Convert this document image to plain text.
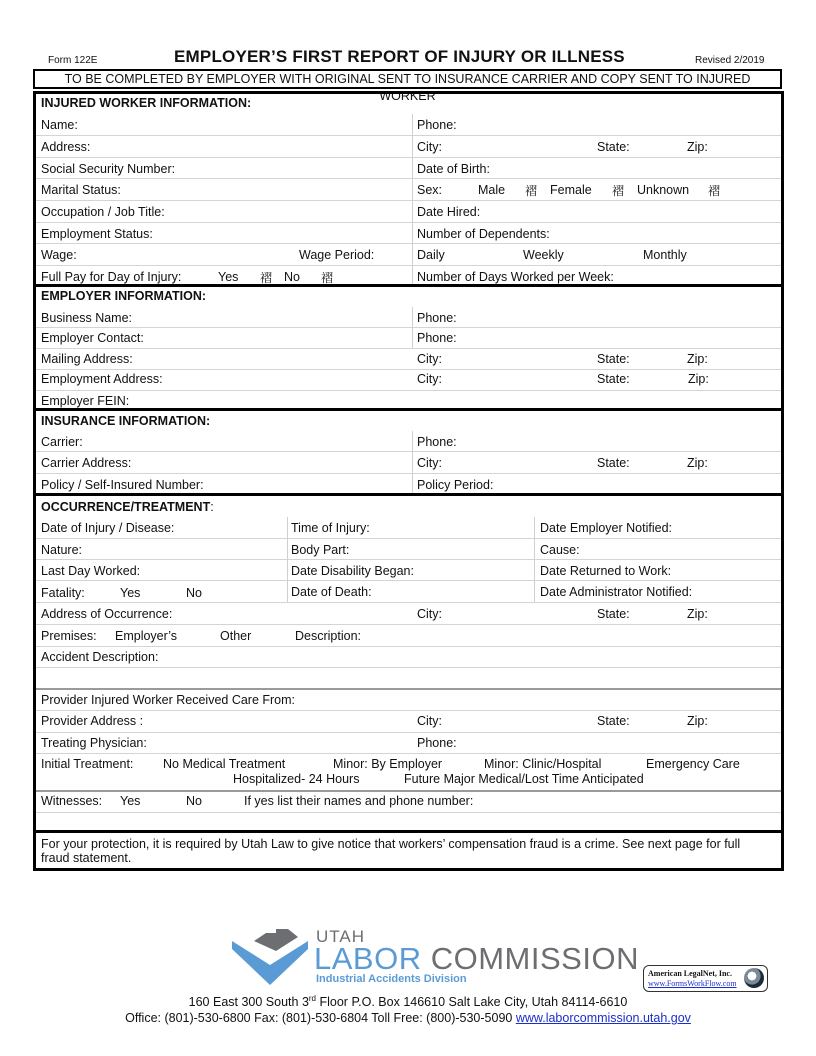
Form 122E	EMPLOYER’S FIRST REPORT OF INJURY OR ILLNESS	Revised 2/2019
TO BE COMPLETED BY EMPLOYER WITH ORIGINAL SENT TO INSURANCE CARRIER AND COPY SENT TO INJURED WORKER
INJURED WORKER INFORMATION:
Name:	Phone:
Address:	City:	State:	Zip:
Social Security Number:	Date of Birth:
Marital Status:	Sex:	Male 褶 Female 褶 Unknown 褶
Occupation / Job Title:	Date Hired:
Employment Status:	Number of Dependents:
Wage:	Wage Period:	Daily	Weekly	Monthly
Full Pay for Day of Injury:	Yes 褶 No 褶	Number of Days Worked per Week:
EMPLOYER INFORMATION:
Business Name:	Phone:
Employer Contact:	Phone:
Mailing Address:	City:	State:	Zip:
Employment Address:	City:	State:	Zip:
Employer FEIN:
INSURANCE INFORMATION:
Carrier:	Phone:
Carrier Address:	City:	State:	Zip:
Policy / Self-Insured Number:	Policy Period:
OCCURRENCE/TREATMENT:
Date of Injury / Disease:	Time of Injury:	Date Employer Notified:
Nature:	Body Part:	Cause:
Last Day Worked:	Date Disability Began:	Date Returned to Work:
Fatality:	Yes	No	Date of Death:	Date Administrator Notified:
Address of Occurrence:	City:	State:	Zip:
Premises: Employer’s	Other	Description:
Accident Description:
Provider Injured Worker Received Care From:
Provider Address :	City:	State:	Zip:
Treating Physician:	Phone:
Initial Treatment: No Medical Treatment	Minor: By Employer	Minor: Clinic/Hospital	Emergency Care
Hospitalized- 24 Hours	Future Major Medical/Lost Time Anticipated
Witnesses: Yes	No	If yes list their names and phone number:
For your protection, it is required by Utah Law to give notice that workers’ compensation fraud is a crime. See next page for full fraud statement.
UTAH
LABOR COMMISSION
Industrial Accidents Division	American LegalNet, Inc.
www.FormsWorkFlow.com
160 East 300 South 3rd Floor P.O. Box 146610 Salt Lake City, Utah 84114-6610
Office: (801)-530-6800 Fax: (801)-530-6804 Toll Free: (800)-530-5090 www.laborcommission.utah.gov
